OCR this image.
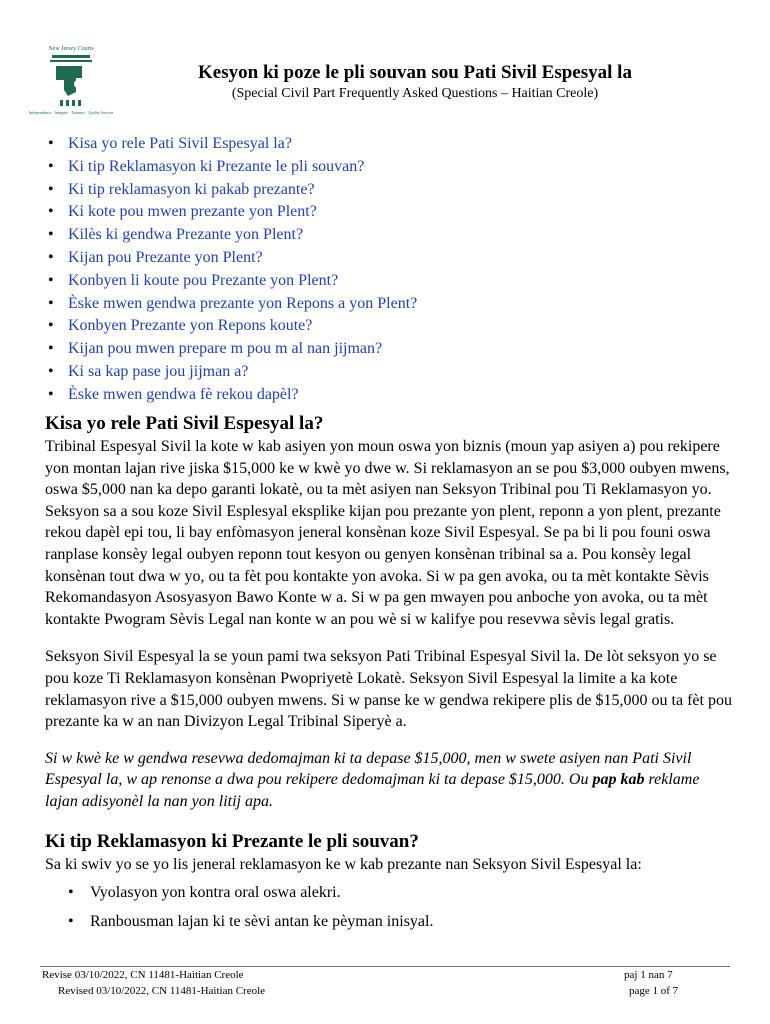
New Jersey Courts
Independence · Integrity · Fairness · Quality Service
Kesyon ki poze le pli souvan sou Pati Sivil Espesyal la
(Special Civil Part Frequently Asked Questions – Haitian Creole)
• Kisa yo rele Pati Sivil Espesyal la?
• Ki tip Reklamasyon ki Prezante le pli souvan?
• Ki tip reklamasyon ki pakab prezante?
• Ki kote pou mwen prezante yon Plent?
• Kilès ki gendwa Prezante yon Plent?
• Kijan pou Prezante yon Plent?
• Konbyen li koute pou Prezante yon Plent?
• Èske mwen gendwa prezante yon Repons a yon Plent?
• Konbyen Prezante yon Repons koute?
• Kijan pou mwen prepare m pou m al nan jijman?
• Ki sa kap pase jou jijman a?
• Èske mwen gendwa fè rekou dapèl?
Kisa yo rele Pati Sivil Espesyal la?

Tribinal Espesyal Sivil la kote w kab asiyen yon moun oswa yon biznis (moun yap asiyen a) pou rekipere yon montan lajan rive jiska $15,000 ke w kwè yo dwe w. Si reklamasyon an se pou $3,000 oubyen mwens, oswa $5,000 nan ka depo garanti lokatè, ou ta mèt asiyen nan Seksyon Tribinal pou Ti Reklamasyon yo. Seksyon sa a sou koze Sivil Esplesyal eksplike kijan pou prezante yon plent, reponn a yon plent, prezante rekou dapèl epi tou, li bay enfòmasyon jeneral konsènan koze Sivil Espesyal. Se pa bi li pou founi oswa ranplase konsèy legal oubyen reponn tout kesyon ou genyen konsènan tribinal sa a. Pou konsèy legal konsènan tout dwa w yo, ou ta fèt pou kontakte yon avoka. Si w pa gen avoka, ou ta mèt kontakte Sèvis Rekomandasyon Asosyasyon Bawo Konte w a. Si w pa gen mwayen pou anboche yon avoka, ou ta mèt kontakte Pwogram Sèvis Legal nan konte w an pou wè si w kalifye pou resevwa sèvis legal gratis.

Seksyon Sivil Espesyal la se youn pami twa seksyon Pati Tribinal Espesyal Sivil la. De lòt seksyon yo se pou koze Ti Reklamasyon konsènan Pwopriyetè Lokatè. Seksyon Sivil Espesyal la limite a ka kote reklamasyon rive a $15,000 oubyen mwens. Si w panse ke w gendwa rekipere plis de $15,000 ou ta fèt pou prezante ka w an nan Divizyon Legal Tribinal Siperyè a.

Si w kwè ke w gendwa resevwa dedomajman ki ta depase $15,000, men w swete asiyen nan Pati Sivil Espesyal la, w ap renonse a dwa pou rekipere dedomajman ki ta depase $15,000. Ou pap kab reklame lajan adisyonèl la nan yon litij apa.

Ki tip Reklamasyon ki Prezante le pli souvan?

Sa ki swiv yo se yo lis jeneral reklamasyon ke w kab prezante nan Seksyon Sivil Espesyal la:

• Vyolasyon yon kontra oral oswa alekri.
• Ranbousman lajan ki te sèvi antan ke pèyman inisyal.
Revise 03/10/2022, CN 11481-Haitian Creole
Revised 03/10/2022, CN 11481-Haitian Creole
paj 1 nan 7
page 1 of 7
